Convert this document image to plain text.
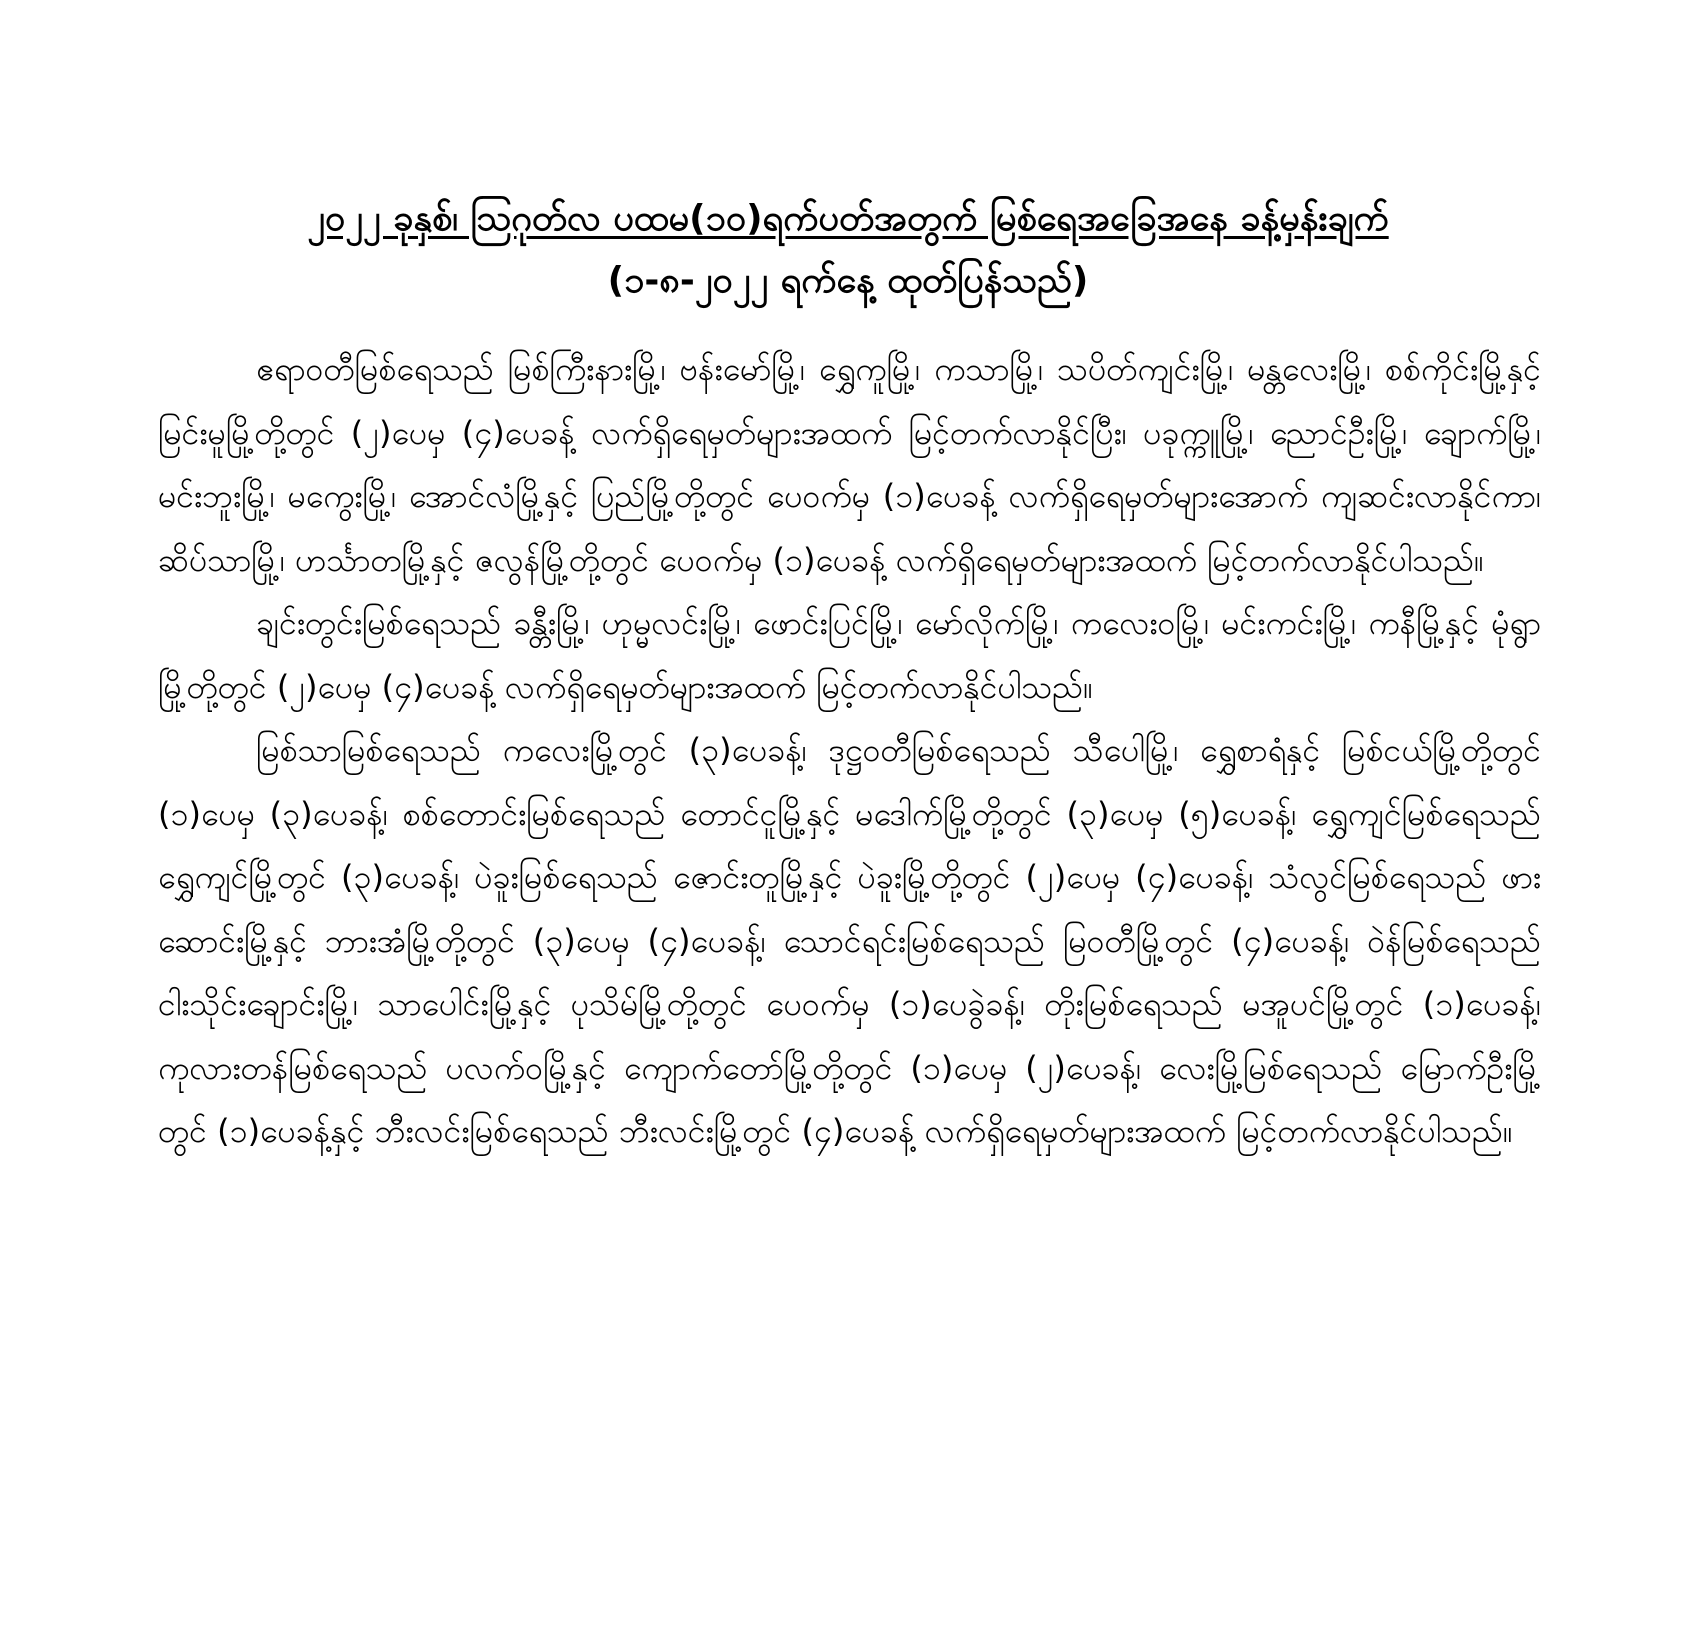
၂၀၂၂ ခုနှစ်၊ ဩဂုတ်လ ပထမ(၁၀)ရက်ပတ်အတွက် မြစ်ရေအခြေအနေ ခန့်မှန်းချက်
(၁-၈-၂၀၂၂ ရက်နေ့ ထုတ်ပြန်သည်)

ဧရာဝတီမြစ်ရေသည် မြစ်ကြီးနားမြို့၊ ဗန်းမော်မြို့၊ ရွှေကူမြို့၊ ကသာမြို့၊ သပိတ်ကျင်းမြို့၊ မန္တလေးမြို့၊ စစ်ကိုင်းမြို့နှင့် မြင်းမူမြို့တို့တွင် (၂)ပေမှ (၄)ပေခန့် လက်ရှိရေမှတ်များအထက် မြင့်တက်လာနိုင်ပြီး၊ ပခုက္ကူမြို့၊ ညောင်ဦးမြို့၊ ချောက်မြို့၊ မင်းဘူးမြို့၊ မကွေးမြို့၊ အောင်လံမြို့နှင့် ပြည်မြို့တို့တွင် ပေ၀က်မှ (၁)ပေခန့် လက်ရှိရေမှတ်များအောက် ကျဆင်းလာနိုင်ကာ၊ ဆိပ်သာမြို့၊ ဟင်္သာတမြို့နှင့် ဇလွန်မြို့တို့တွင် ပေ၀က်မှ (၁)ပေခန့် လက်ရှိရေမှတ်များအထက် မြင့်တက်လာနိုင်ပါသည်။

ချင်းတွင်းမြစ်ရေသည် ခန္တီးမြို့၊ ဟုမ္မလင်းမြို့၊ ဖောင်းပြင်မြို့၊ မော်လိုက်မြို့၊ ကလေးဝမြို့၊ မင်းကင်းမြို့၊ ကနီမြို့နှင့် မုံရွာမြို့တို့တွင် (၂)ပေမှ (၄)ပေခန့် လက်ရှိရေမှတ်များအထက် မြင့်တက်လာနိုင်ပါသည်။

မြစ်သာမြစ်ရေသည် ကလေးမြို့တွင် (၃)ပေခန့်၊ ဒုဋ္ဌဝတီမြစ်ရေသည် သီပေါမြို့၊ ရွှေစာရံနှင့် မြစ်ငယ်မြို့တို့တွင် (၁)ပေမှ (၃)ပေခန့်၊ စစ်တောင်းမြစ်ရေသည် တောင်ငူမြို့နှင့် မဒေါက်မြို့တို့တွင် (၃)ပေမှ (၅)ပေခန့်၊ ရွှေကျင်မြစ်ရေသည် ရွှေကျင်မြို့တွင် (၃)ပေခန့်၊ ပဲခူးမြစ်ရေသည် ဇောင်းတူမြို့နှင့် ပဲခူးမြို့တို့တွင် (၂)ပေမှ (၄)ပေခန့်၊ သံလွင်မြစ်ရေသည် ဖားဆောင်းမြို့နှင့် ဘားအံမြို့တို့တွင် (၃)ပေမှ (၄)ပေခန့်၊ သောင်ရင်းမြစ်ရေသည် မြဝတီမြို့တွင် (၄)ပေခန့်၊ ဝဲန်မြစ်ရေသည် ငါးသိုင်းချောင်းမြို့၊ သာပေါင်းမြို့နှင့် ပုသိမ်မြို့တို့တွင် ပေ၀က်မှ (၁)ပေခွဲခန့်၊ တိုးမြစ်ရေသည် မအူပင်မြို့တွင် (၁)ပေခန့်၊ ကုလားတန်မြစ်ရေသည် ပလက်ဝမြို့နှင့် ကျောက်တော်မြို့တို့တွင် (၁)ပေမှ (၂)ပေခန့်၊ လေးမြို့မြစ်ရေသည် မြောက်ဦးမြို့တွင် (၁)ပေခန့်နှင့် ဘီးလင်းမြစ်ရေသည် ဘီးလင်းမြို့တွင် (၄)ပေခန့် လက်ရှိရေမှတ်များအထက် မြင့်တက်လာနိုင်ပါသည်။
